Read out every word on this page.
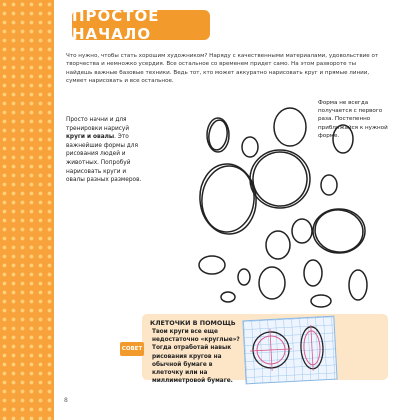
ПРОСТОЕ НАЧАЛО
Что нужно, чтобы стать хорошим художником? Наряду с качественными материалами, удовольствие от творчества и немножко усердия. Все остальное со временем придет само. На этом развороте ты найдешь важные базовые техники. Ведь тот, кто может аккуратно нарисовать круг и прямые линии, сумеет нарисовать и все остальное.
Просто начни и для тренировки нарисуй круги и овалы. Это важнейшие формы для рисования людей и животных. Попробуй нарисовать круги и овалы разных размеров.
Форма не всегда получается с первого раза. Постепенно приближайся к нужной форме.
СОВЕТ
КЛЕТОЧКИ В ПОМОЩЬ
Твои круги все еще недостаточно «круглые»? Тогда отработай навык рисования кругов на обычной бумаге в клеточку или на миллиметровой бумаге.
8
